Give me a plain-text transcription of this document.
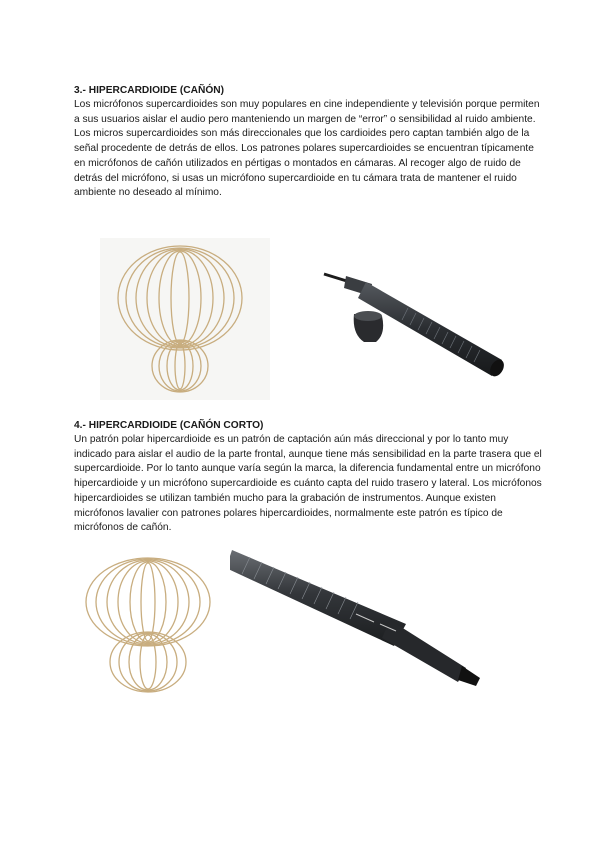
3.- HIPERCARDIOIDE (CAÑÓN)

Los micrófonos supercardioides son muy populares en cine independiente y televisión porque permiten a sus usuarios aislar el audio pero manteniendo un margen de “error” o sensibilidad al ruido ambiente. Los micros supercardioides son más direccionales que los cardioides pero captan también algo de la señal procedente de detrás de ellos. Los patrones polares supercardioides se encuentran típicamente en micrófonos de cañón utilizados en pértigas o montados en cámaras. Al recoger algo de ruido de detrás del micrófono, si usas un micrófono supercardioide en tu cámara trata de mantener el ruido ambiente no deseado al mínimo.

4.- HIPERCARDIOIDE (CAÑÓN CORTO)

Un patrón polar hipercardioide es un patrón de captación aún más direccional y por lo tanto muy indicado para aislar el audio de la parte frontal, aunque tiene más sensibilidad en la parte trasera que el supercardioide. Por lo tanto aunque varía según la marca, la diferencia fundamental entre un micrófono hipercardioide y un micrófono supercardioide es cuánto capta del ruido trasero y lateral. Los micrófonos hipercardioides se utilizan también mucho para la grabación de instrumentos. Aunque existen micrófonos lavalier con patrones polares hipercardioides, normalmente este patrón es típico de micrófonos de cañón.
